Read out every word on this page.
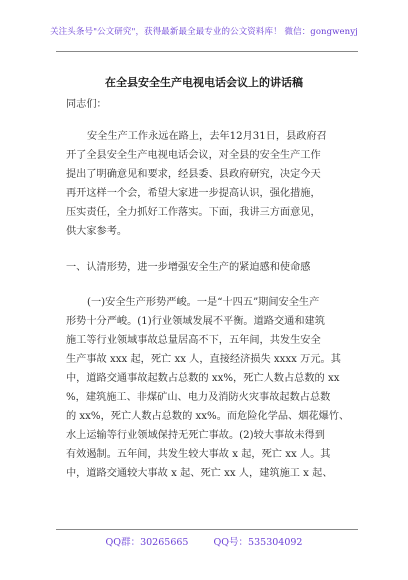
关注头条号"公文研究"，获得最新最全最专业的公文资料库！ 微信：gongwenyj
在全县安全生产电视电话会议上的讲话稿
同志们：
安全生产工作永远在路上，去年12月31日，县政府召
开了全县安全生产电视电话会议，对全县的安全生产工作
提出了明确意见和要求，经县委、县政府研究，决定今天
再开这样一个会，希望大家进一步提高认识，强化措施，
压实责任，全力抓好工作落实。下面，我讲三方面意见，
供大家参考。
一、认清形势，进一步增强安全生产的紧迫感和使命感
(一)安全生产形势严峻。一是“十四五”期间安全生产
形势十分严峻。(1)行业领域发展不平衡。道路交通和建筑
施工等行业领域事故总量居高不下，五年间，共发生安全
生产事故 xxx 起，死亡 xx 人，直接经济损失 xxxx 万元。其
中，道路交通事故起数占总数的 xx%，死亡人数占总数的 xx
%，建筑施工、非煤矿山、电力及消防火灾事故起数占总数
的 xx%，死亡人数占总数的 xx%。而危险化学品、烟花爆竹、
水上运输等行业领域保持无死亡事故。(2)较大事故未得到
有效遏制。五年间，共发生较大事故 x 起，死亡 xx 人。其
中，道路交通较大事故 x 起、死亡 xx 人，建筑施工 x 起、
QQ群：30265665	QQ号：535304092
